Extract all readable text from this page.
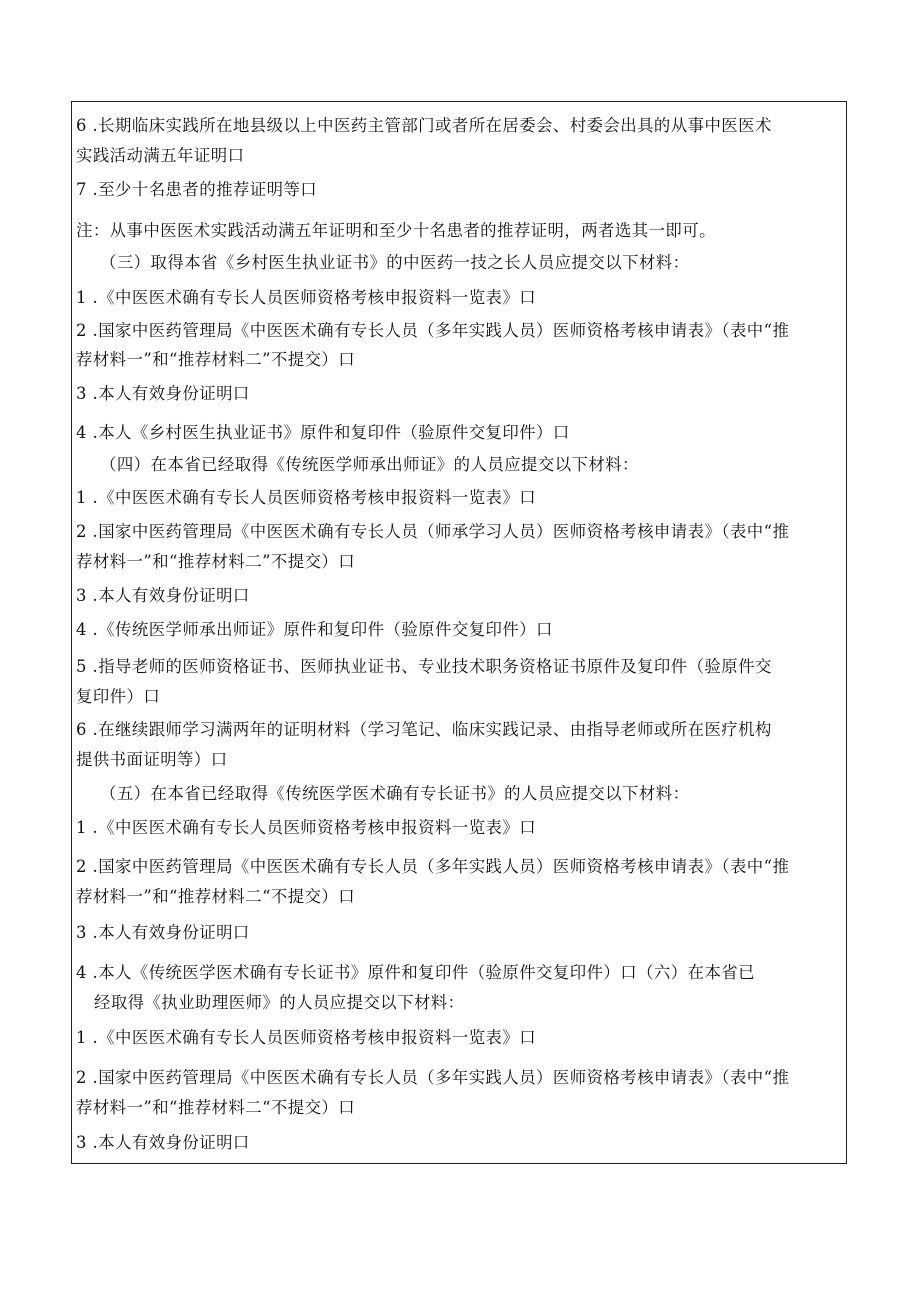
6 .长期临床实践所在地县级以上中医药主管部门或者所在居委会、村委会出具的从事中医医术
实践活动满五年证明口
7 .至少十名患者的推荐证明等口
注：从事中医医术实践活动满五年证明和至少十名患者的推荐证明，两者选其一即可。
（三）取得本省《乡村医生执业证书》的中医药一技之长人员应提交以下材料：
1 .《中医医术确有专长人员医师资格考核申报资料一览表》口
2 .国家中医药管理局《中医医术确有专长人员（多年实践人员）医师资格考核申请表》（表中“推
荐材料一”和“推荐材料二”不提交）口
3 .本人有效身份证明口
4 .本人《乡村医生执业证书》原件和复印件（验原件交复印件）口
（四）在本省已经取得《传统医学师承出师证》的人员应提交以下材料：
1 .《中医医术确有专长人员医师资格考核申报资料一览表》口
2 .国家中医药管理局《中医医术确有专长人员（师承学习人员）医师资格考核申请表》（表中“推
荐材料一”和“推荐材料二”不提交）口
3 .本人有效身份证明口
4 .《传统医学师承出师证》原件和复印件（验原件交复印件）口
5 .指导老师的医师资格证书、医师执业证书、专业技术职务资格证书原件及复印件（验原件交
复印件）口
6 .在继续跟师学习满两年的证明材料（学习笔记、临床实践记录、由指导老师或所在医疗机构
提供书面证明等）口
（五）在本省已经取得《传统医学医术确有专长证书》的人员应提交以下材料：
1 .《中医医术确有专长人员医师资格考核申报资料一览表》口
2 .国家中医药管理局《中医医术确有专长人员（多年实践人员）医师资格考核申请表》（表中“推
荐材料一”和“推荐材料二“不提交）口
3 .本人有效身份证明口
4 .本人《传统医学医术确有专长证书》原件和复印件（验原件交复印件）口（六）在本省已
经取得《执业助理医师》的人员应提交以下材料：
1 .《中医医术确有专长人员医师资格考核申报资料一览表》口
2 .国家中医药管理局《中医医术确有专长人员（多年实践人员）医师资格考核申请表》（表中“推
荐材料一”和“推荐材料二“不提交）口
3 .本人有效身份证明口
